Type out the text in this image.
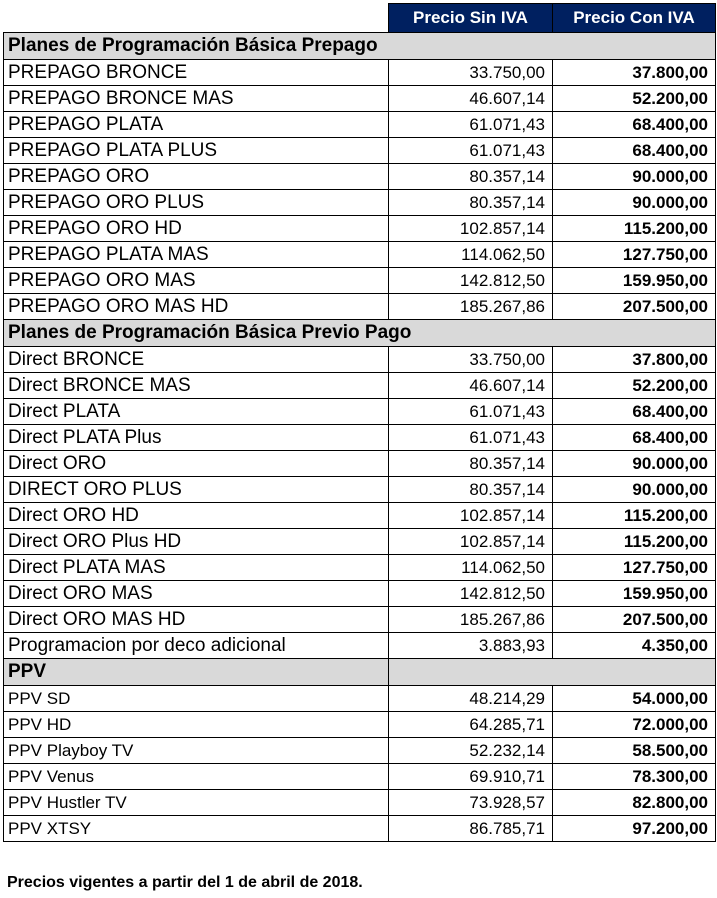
	Precio Sin IVA	Precio Con IVA
Planes de Programación Básica Prepago		
PREPAGO BRONCE	33.750,00	37.800,00
PREPAGO BRONCE MAS	46.607,14	52.200,00
PREPAGO PLATA	61.071,43	68.400,00
PREPAGO PLATA PLUS	61.071,43	68.400,00
PREPAGO ORO	80.357,14	90.000,00
PREPAGO ORO PLUS	80.357,14	90.000,00
PREPAGO ORO HD	102.857,14	115.200,00
PREPAGO PLATA MAS	114.062,50	127.750,00
PREPAGO ORO MAS	142.812,50	159.950,00
PREPAGO ORO MAS HD	185.267,86	207.500,00
Planes de Programación Básica Previo Pago		
Direct BRONCE	33.750,00	37.800,00
Direct BRONCE MAS	46.607,14	52.200,00
Direct PLATA	61.071,43	68.400,00
Direct PLATA Plus	61.071,43	68.400,00
Direct ORO	80.357,14	90.000,00
DIRECT ORO PLUS	80.357,14	90.000,00
Direct ORO HD	102.857,14	115.200,00
Direct ORO Plus HD	102.857,14	115.200,00
Direct PLATA MAS	114.062,50	127.750,00
Direct ORO MAS	142.812,50	159.950,00
Direct ORO MAS HD	185.267,86	207.500,00
Programacion por deco adicional	3.883,93	4.350,00
PPV		
PPV SD	48.214,29	54.000,00
PPV HD	64.285,71	72.000,00
PPV Playboy TV	52.232,14	58.500,00
PPV Venus	69.910,71	78.300,00
PPV Hustler TV	73.928,57	82.800,00
PPV XTSY	86.785,71	97.200,00
Precios vigentes a partir del 1 de abril de 2018.
